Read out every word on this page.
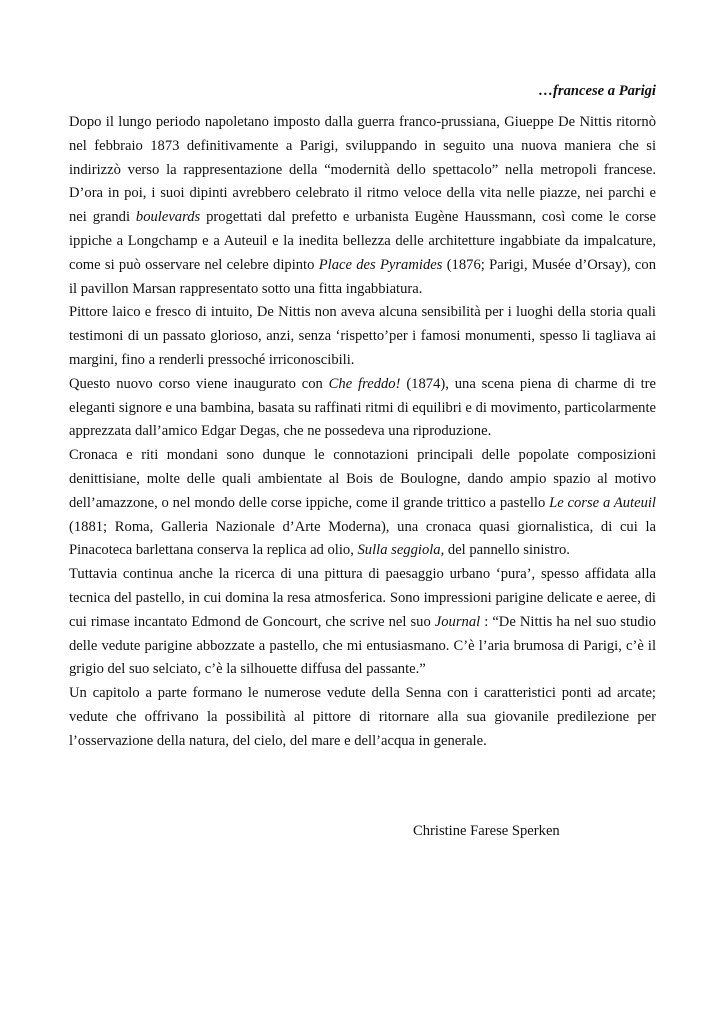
…francese a Parigi

Dopo il lungo periodo napoletano imposto dalla guerra franco-prussiana, Giueppe De Nittis ritornò nel febbraio 1873 definitivamente a Parigi, sviluppando in seguito una nuova maniera che si indirizzò verso la rappresentazione della “modernità dello spettacolo” nella metropoli francese. D’ora in poi, i suoi dipinti avrebbero celebrato il ritmo veloce della vita nelle piazze, nei parchi e nei grandi boulevards progettati dal prefetto e urbanista Eugène Haussmann, così come le corse ippiche a Longchamp e a Auteuil e la inedita bellezza delle architetture ingabbiate da impalcature, come si può osservare nel celebre dipinto Place des Pyramides (1876; Parigi, Musée d’Orsay), con il pavillon Marsan rappresentato sotto una fitta ingabbiatura.

Pittore laico e fresco di intuito, De Nittis non aveva alcuna sensibilità per i luoghi della storia quali testimoni di un passato glorioso, anzi, senza ‘rispetto’per i famosi monumenti, spesso li tagliava ai margini, fino a renderli pressoché irriconoscibili.

Questo nuovo corso viene inaugurato con Che freddo! (1874), una scena piena di charme di tre eleganti signore e una bambina, basata su raffinati ritmi di equilibri e di movimento, particolarmente apprezzata dall’amico Edgar Degas, che ne possedeva una riproduzione.

Cronaca e riti mondani sono dunque le connotazioni principali delle popolate composizioni denittisiane, molte delle quali ambientate al Bois de Boulogne, dando ampio spazio al motivo dell’amazzone, o nel mondo delle corse ippiche, come il grande trittico a pastello Le corse a Auteuil (1881; Roma, Galleria Nazionale d’Arte Moderna), una cronaca quasi giornalistica, di cui la Pinacoteca barlettana conserva la replica ad olio, Sulla seggiola, del pannello sinistro.

Tuttavia continua anche la ricerca di una pittura di paesaggio urbano ‘pura’, spesso affidata alla tecnica del pastello, in cui domina la resa atmosferica. Sono impressioni parigine delicate e aeree, di cui rimase incantato Edmond de Goncourt, che scrive nel suo Journal : “De Nittis ha nel suo studio delle vedute parigine abbozzate a pastello, che mi entusiasmano. C’è l’aria brumosa di Parigi, c’è il grigio del suo selciato, c’è la silhouette diffusa del passante.”

Un capitolo a parte formano le numerose vedute della Senna con i caratteristici ponti ad arcate; vedute che offrivano la possibilità al pittore di ritornare alla sua giovanile predilezione per l’osservazione della natura, del cielo, del mare e dell’acqua in generale.

Christine Farese Sperken
